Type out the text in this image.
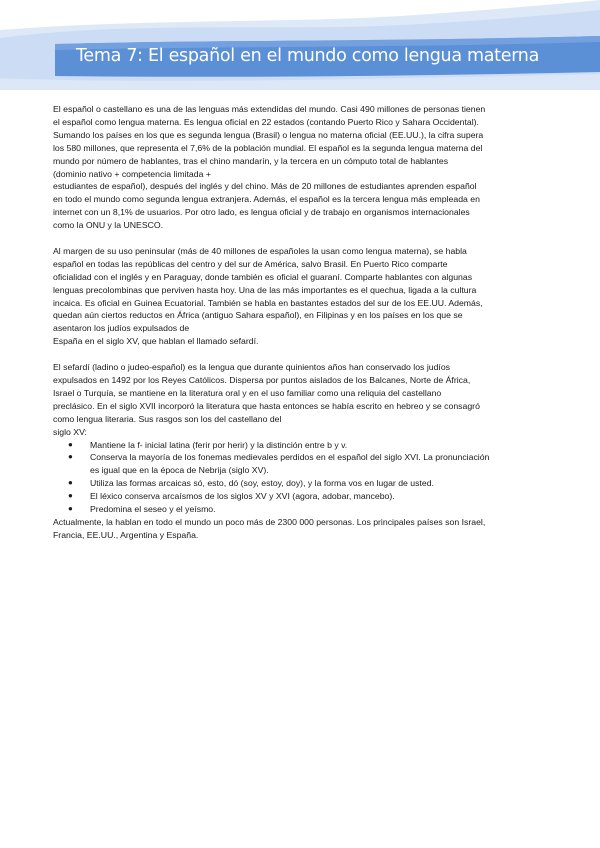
Tema 7: El español en el mundo como lengua materna

El español o castellano es una de las lenguas más extendidas del mundo. Casi 490 millones de personas tienen
el español como lengua materna. Es lengua oficial en 22 estados (contando Puerto Rico y Sahara Occidental).
Sumando los países en los que es segunda lengua (Brasil) o lengua no materna oficial (EE.UU.), la cifra supera
los 580 millones, que representa el 7,6% de la población mundial. El español es la segunda lengua materna del
mundo por número de hablantes, tras el chino mandarín, y la tercera en un cómputo total de hablantes
(dominio nativo + competencia limitada +
estudiantes de español), después del inglés y del chino. Más de 20 millones de estudiantes aprenden español
en todo el mundo como segunda lengua extranjera. Además, el español es la tercera lengua más empleada en
internet con un 8,1% de usuarios. Por otro lado, es lengua oficial y de trabajo en organismos internacionales
como la ONU y la UNESCO.

Al margen de su uso peninsular (más de 40 millones de españoles la usan como lengua materna), se habla
español en todas las repúblicas del centro y del sur de América, salvo Brasil. En Puerto Rico comparte
oficialidad con el inglés y en Paraguay, donde también es oficial el guaraní. Comparte hablantes con algunas
lenguas precolombinas que perviven hasta hoy. Una de las más importantes es el quechua, ligada a la cultura
incaica. Es oficial en Guinea Ecuatorial. También se habla en bastantes estados del sur de los EE.UU. Además,
quedan aún ciertos reductos en África (antiguo Sahara español), en Filipinas y en los países en los que se
asentaron los judíos expulsados de
España en el siglo XV, que hablan el llamado sefardí.

El sefardí (ladino o judeo-español) es la lengua que durante quinientos años han conservado los judíos
expulsados en 1492 por los Reyes Católicos. Dispersa por puntos aislados de los Balcanes, Norte de África,
Israel o Turquía, se mantiene en la literatura oral y en el uso familiar como una reliquia del castellano
preclásico. En el siglo XVII incorporó la literatura que hasta entonces se había escrito en hebreo y se consagró
como lengua literaria. Sus rasgos son los del castellano del
siglo XV:

● Mantiene la f- inicial latina (ferir por herir) y la distinción entre b y v.
● Conserva la mayoría de los fonemas medievales perdidos en el español del siglo XVI. La pronunciación
es igual que en la época de Nebrija (siglo XV).
● Utiliza las formas arcaicas só, esto, dó (soy, estoy, doy), y la forma vos en lugar de usted.
● El léxico conserva arcaísmos de los siglos XV y XVI (agora, adobar, mancebo).
● Predomina el seseo y el yeísmo.

Actualmente, la hablan en todo el mundo un poco más de 2300 000 personas. Los principales países son Israel,
Francia, EE.UU., Argentina y España.
